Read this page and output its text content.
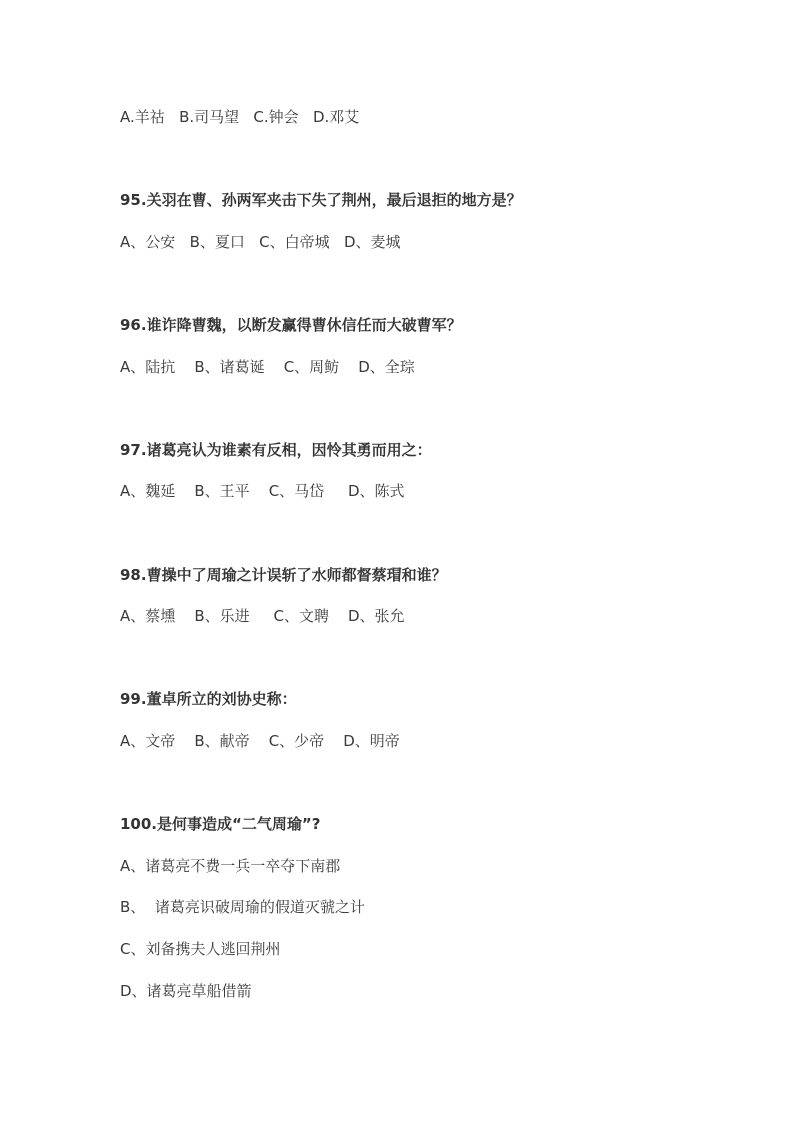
A.羊祜   B.司马望   C.钟会   D.邓艾

95.关羽在曹、孙两军夹击下失了荆州，最后退拒的地方是？

A、公安   B、夏口   C、白帝城   D、麦城

96.谁诈降曹魏，以断发赢得曹休信任而大破曹军？

A、陆抗    B、诸葛诞    C、周鲂    D、全琮

97.诸葛亮认为谁素有反相，因怜其勇而用之：

A、魏延    B、王平    C、马岱     D、陈式

98.曹操中了周瑜之计误斩了水师都督蔡瑁和谁？

A、蔡壎    B、乐进     C、文聘    D、张允

99.董卓所立的刘协史称：

A、文帝    B、献帝    C、少帝    D、明帝

100.是何事造成“二气周瑜”?

A、诸葛亮不费一兵一卒夺下南郡

B、  诸葛亮识破周瑜的假道灭虢之计

C、刘备携夫人逃回荆州

D、诸葛亮草船借箭
